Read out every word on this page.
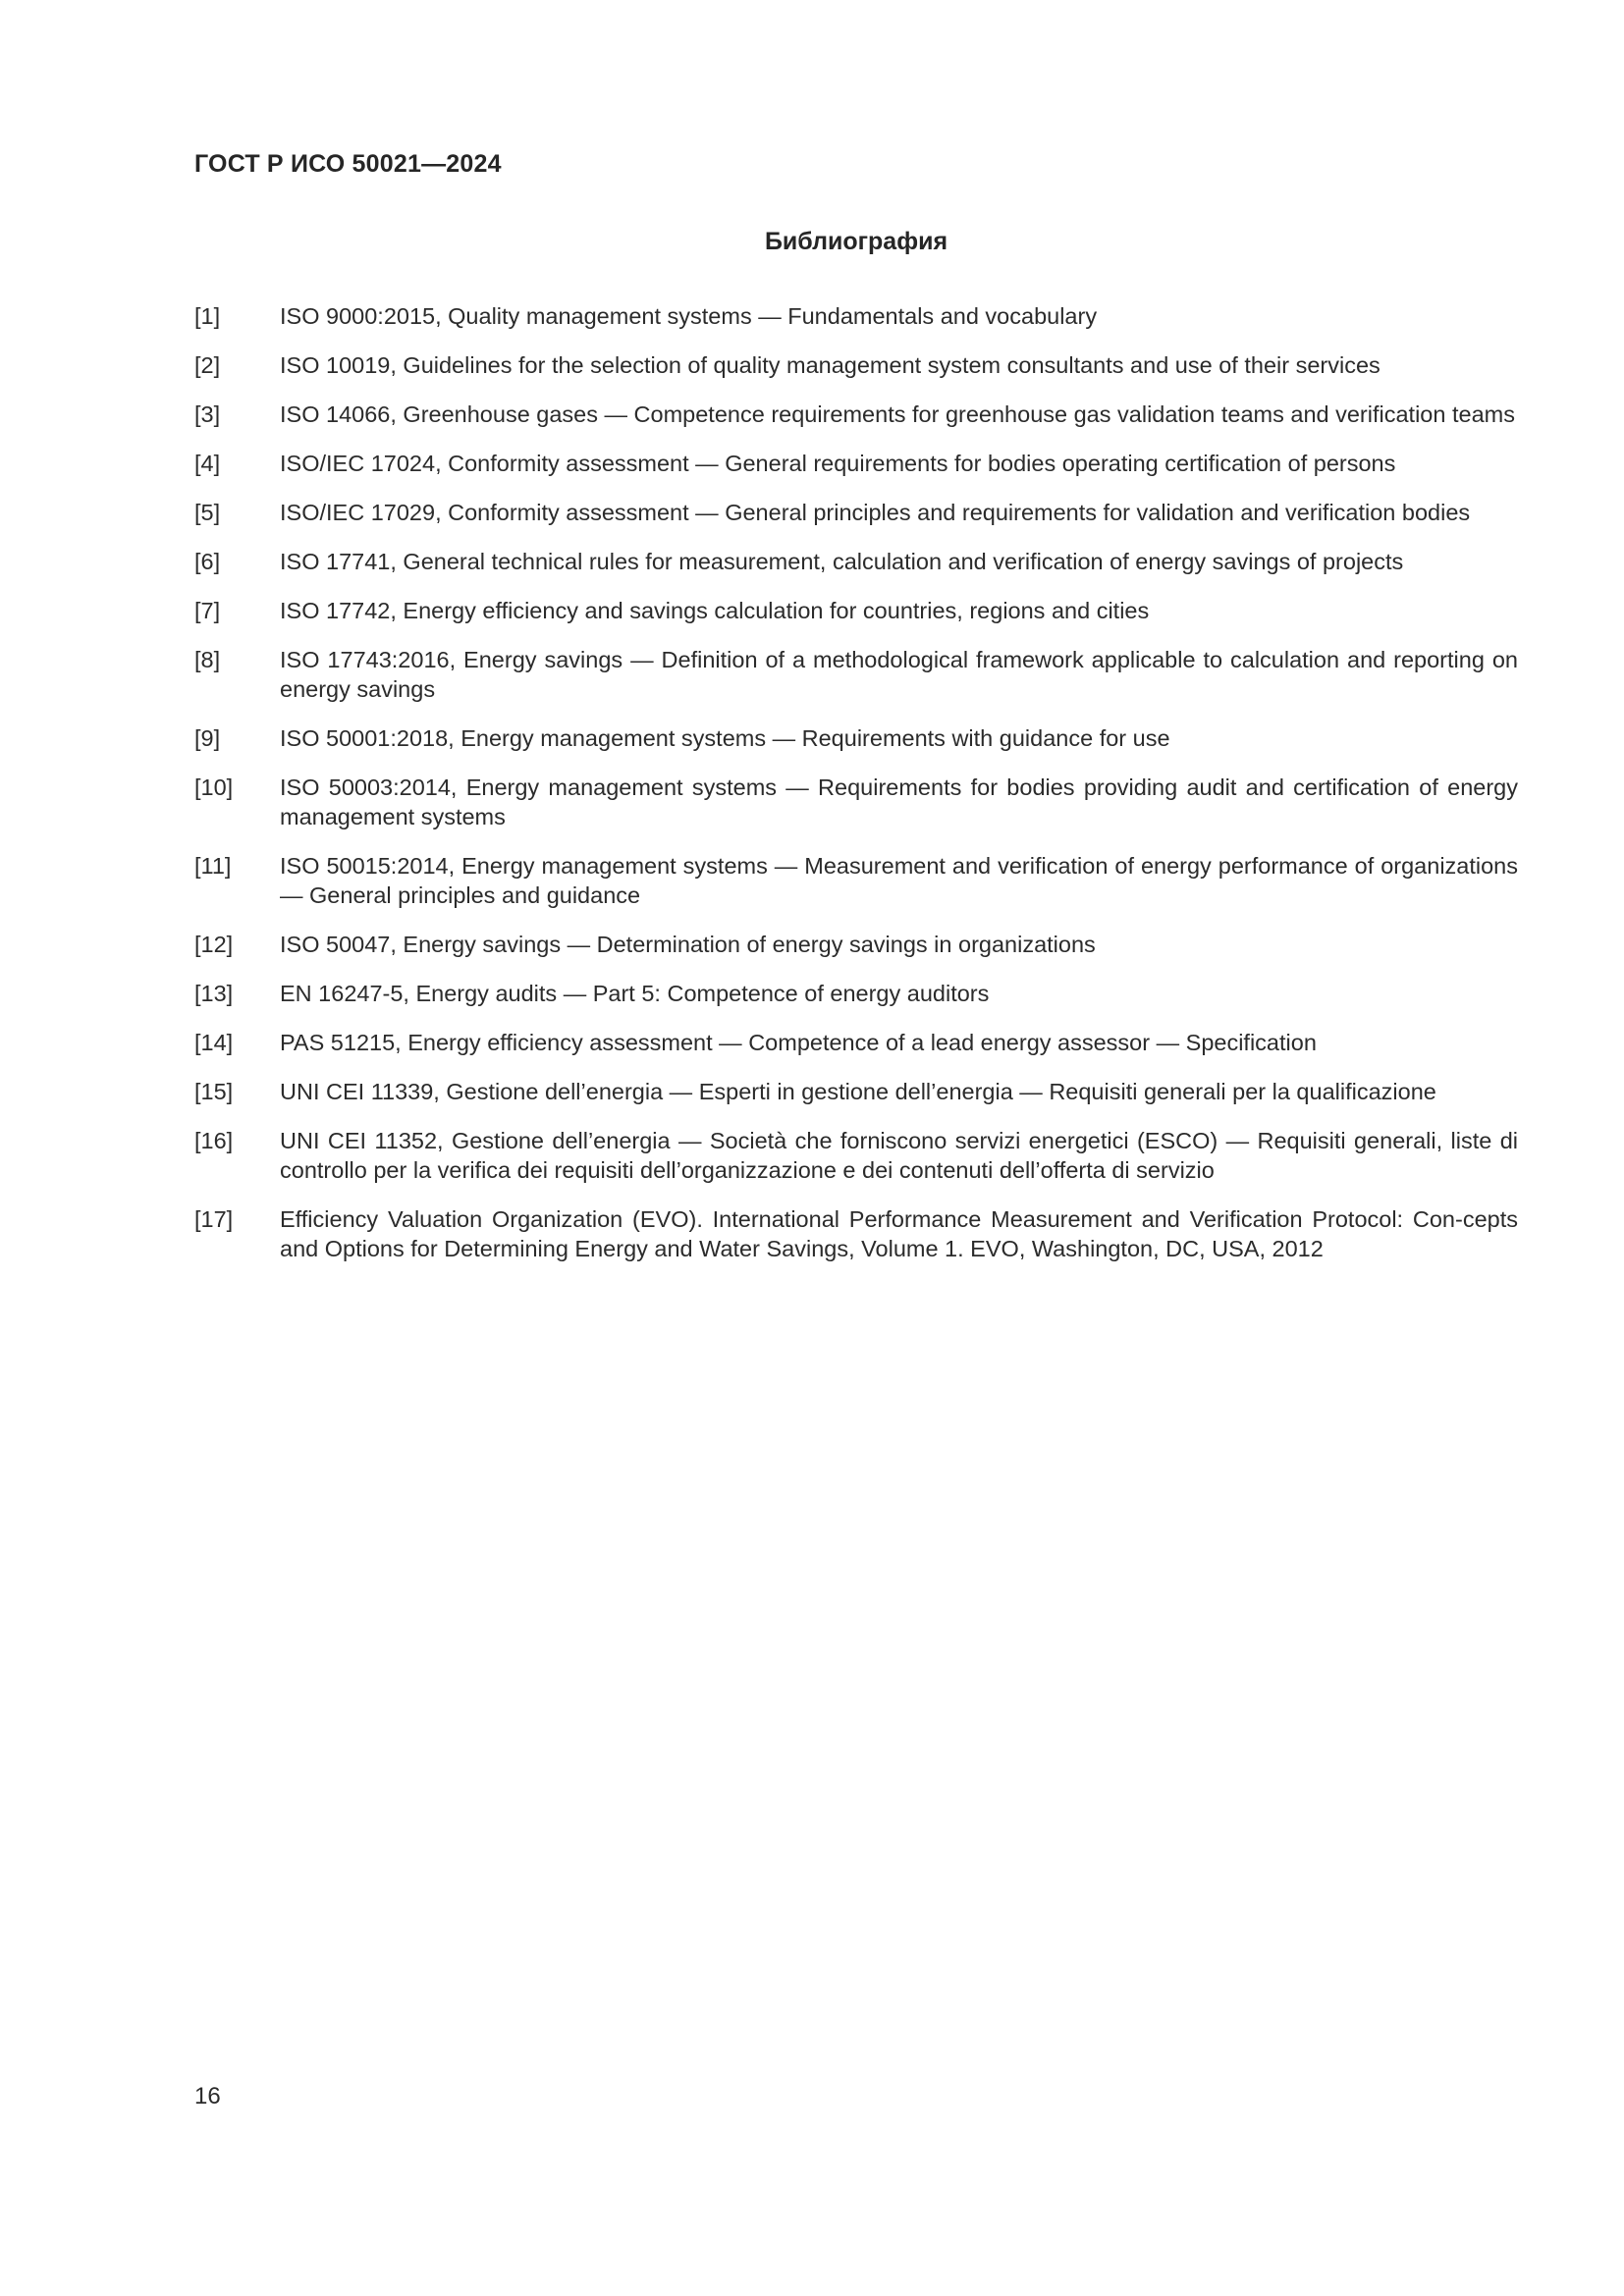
ГОСТ Р ИСО 50021—2024
Библиография
[1]	ISO 9000:2015, Quality management systems — Fundamentals and vocabulary
[2]	ISO 10019, Guidelines for the selection of quality management system consultants and use of their services
[3]	ISO 14066, Greenhouse gases — Competence requirements for greenhouse gas validation teams and verification teams
[4]	ISO/IEC 17024, Conformity assessment — General requirements for bodies operating certification of persons
[5]	ISO/IEC 17029, Conformity assessment — General principles and requirements for validation and verification bodies
[6]	ISO 17741, General technical rules for measurement, calculation and verification of energy savings of projects
[7]	ISO 17742, Energy efficiency and savings calculation for countries, regions and cities
[8]	ISO 17743:2016, Energy savings — Definition of a methodological framework applicable to calculation and reporting on energy savings
[9]	ISO 50001:2018, Energy management systems — Requirements with guidance for use
[10]	ISO 50003:2014, Energy management systems — Requirements for bodies providing audit and certification of energy management systems
[11]	ISO 50015:2014, Energy management systems — Measurement and verification of energy performance of organizations — General principles and guidance
[12]	ISO 50047, Energy savings — Determination of energy savings in organizations
[13]	EN 16247-5, Energy audits — Part 5: Competence of energy auditors
[14]	PAS 51215, Energy efficiency assessment — Competence of a lead energy assessor — Specification
[15]	UNI CEI 11339, Gestione dell’energia — Esperti in gestione dell’energia — Requisiti generali per la qualificazione
[16]	UNI CEI 11352, Gestione dell’energia — Società che forniscono servizi energetici (ESCO) — Requisiti generali, liste di controllo per la verifica dei requisiti dell’organizzazione e dei contenuti dell’offerta di servizio
[17]	Efficiency Valuation Organization (EVO). International Performance Measurement and Verification Protocol: Con-cepts and Options for Determining Energy and Water Savings, Volume 1. EVO, Washington, DC, USA, 2012
16
